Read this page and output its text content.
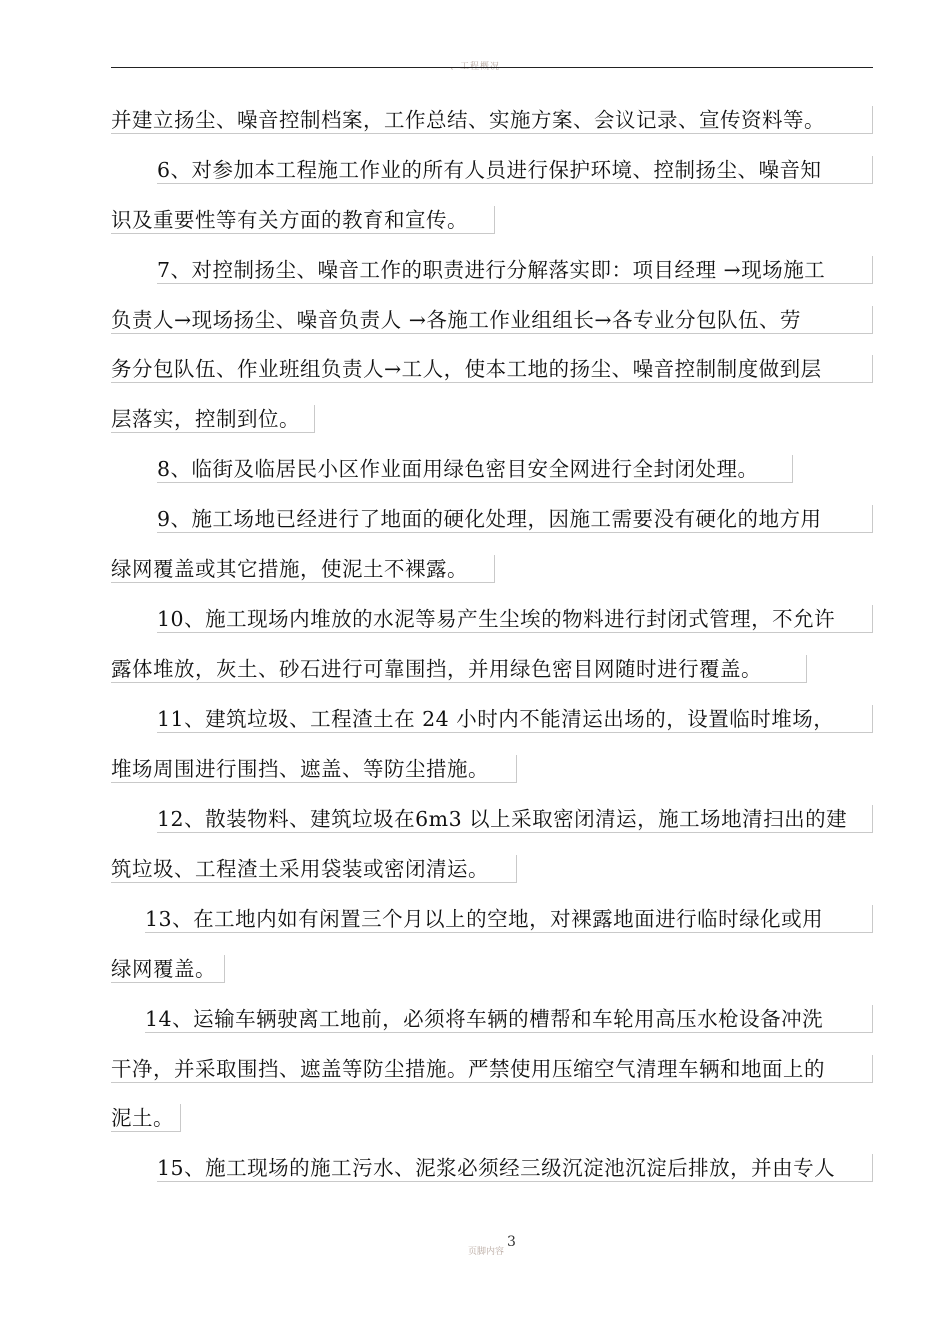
、工程概况
并建立扬尘、噪音控制档案，工作总结、实施方案、会议记录、宣传资料等。
6、对参加本工程施工作业的所有人员进行保护环境、控制扬尘、噪音知
识及重要性等有关方面的教育和宣传。
7、对控制扬尘、噪音工作的职责进行分解落实即：项目经理 →现场施工
负责人→现场扬尘、噪音负责人 →各施工作业组组长→各专业分包队伍、劳
务分包队伍、作业班组负责人→工人，使本工地的扬尘、噪音控制制度做到层
层落实，控制到位。
8、临街及临居民小区作业面用绿色密目安全网进行全封闭处理。
9、施工场地已经进行了地面的硬化处理，因施工需要没有硬化的地方用
绿网覆盖或其它措施，使泥土不裸露。
10、施工现场内堆放的水泥等易产生尘埃的物料进行封闭式管理，不允许
露体堆放，灰土、砂石进行可靠围挡，并用绿色密目网随时进行覆盖。
11、建筑垃圾、工程渣土在 24 小时内不能清运出场的，设置临时堆场，
堆场周围进行围挡、遮盖、等防尘措施。
12、散装物料、建筑垃圾在6m3 以上采取密闭清运，施工场地清扫出的建
筑垃圾、工程渣土采用袋装或密闭清运。
13、在工地内如有闲置三个月以上的空地，对裸露地面进行临时绿化或用
绿网覆盖。
14、运输车辆驶离工地前，必须将车辆的槽帮和车轮用高压水枪设备冲洗
干净，并采取围挡、遮盖等防尘措施。严禁使用压缩空气清理车辆和地面上的
泥土。
15、施工现场的施工污水、泥浆必须经三级沉淀池沉淀后排放，并由专人
页脚内容
3
